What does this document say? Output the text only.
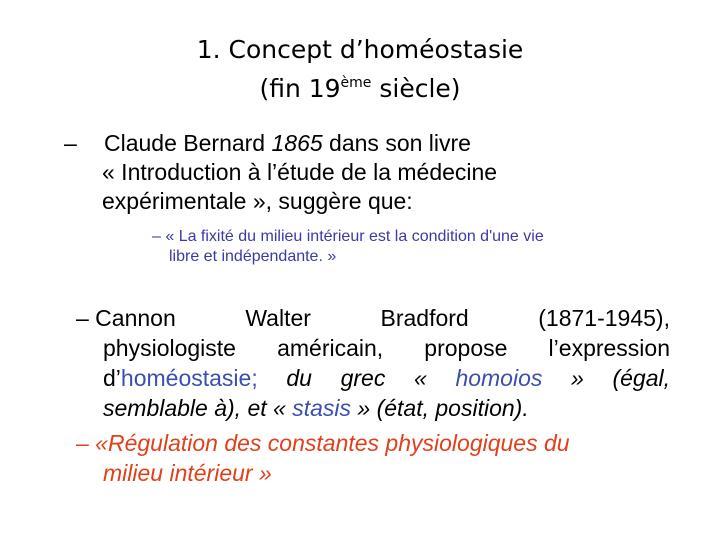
1. Concept d’homéostasie
(fin 19ème siècle)
– Claude Bernard 1865 dans son livre
« Introduction à l’étude de la médecine
expérimentale », suggère que:
– « La fixité du milieu intérieur est la condition d'une vie
libre et indépendante. »
– Cannon	Walter	Bradford	(1871-1945),
physiologiste américain, propose l’expression
d’homéostasie; du grec « homoios » (égal,
semblable à), et « stasis » (état, position).
– «Régulation des constantes physiologiques du
milieu intérieur »
